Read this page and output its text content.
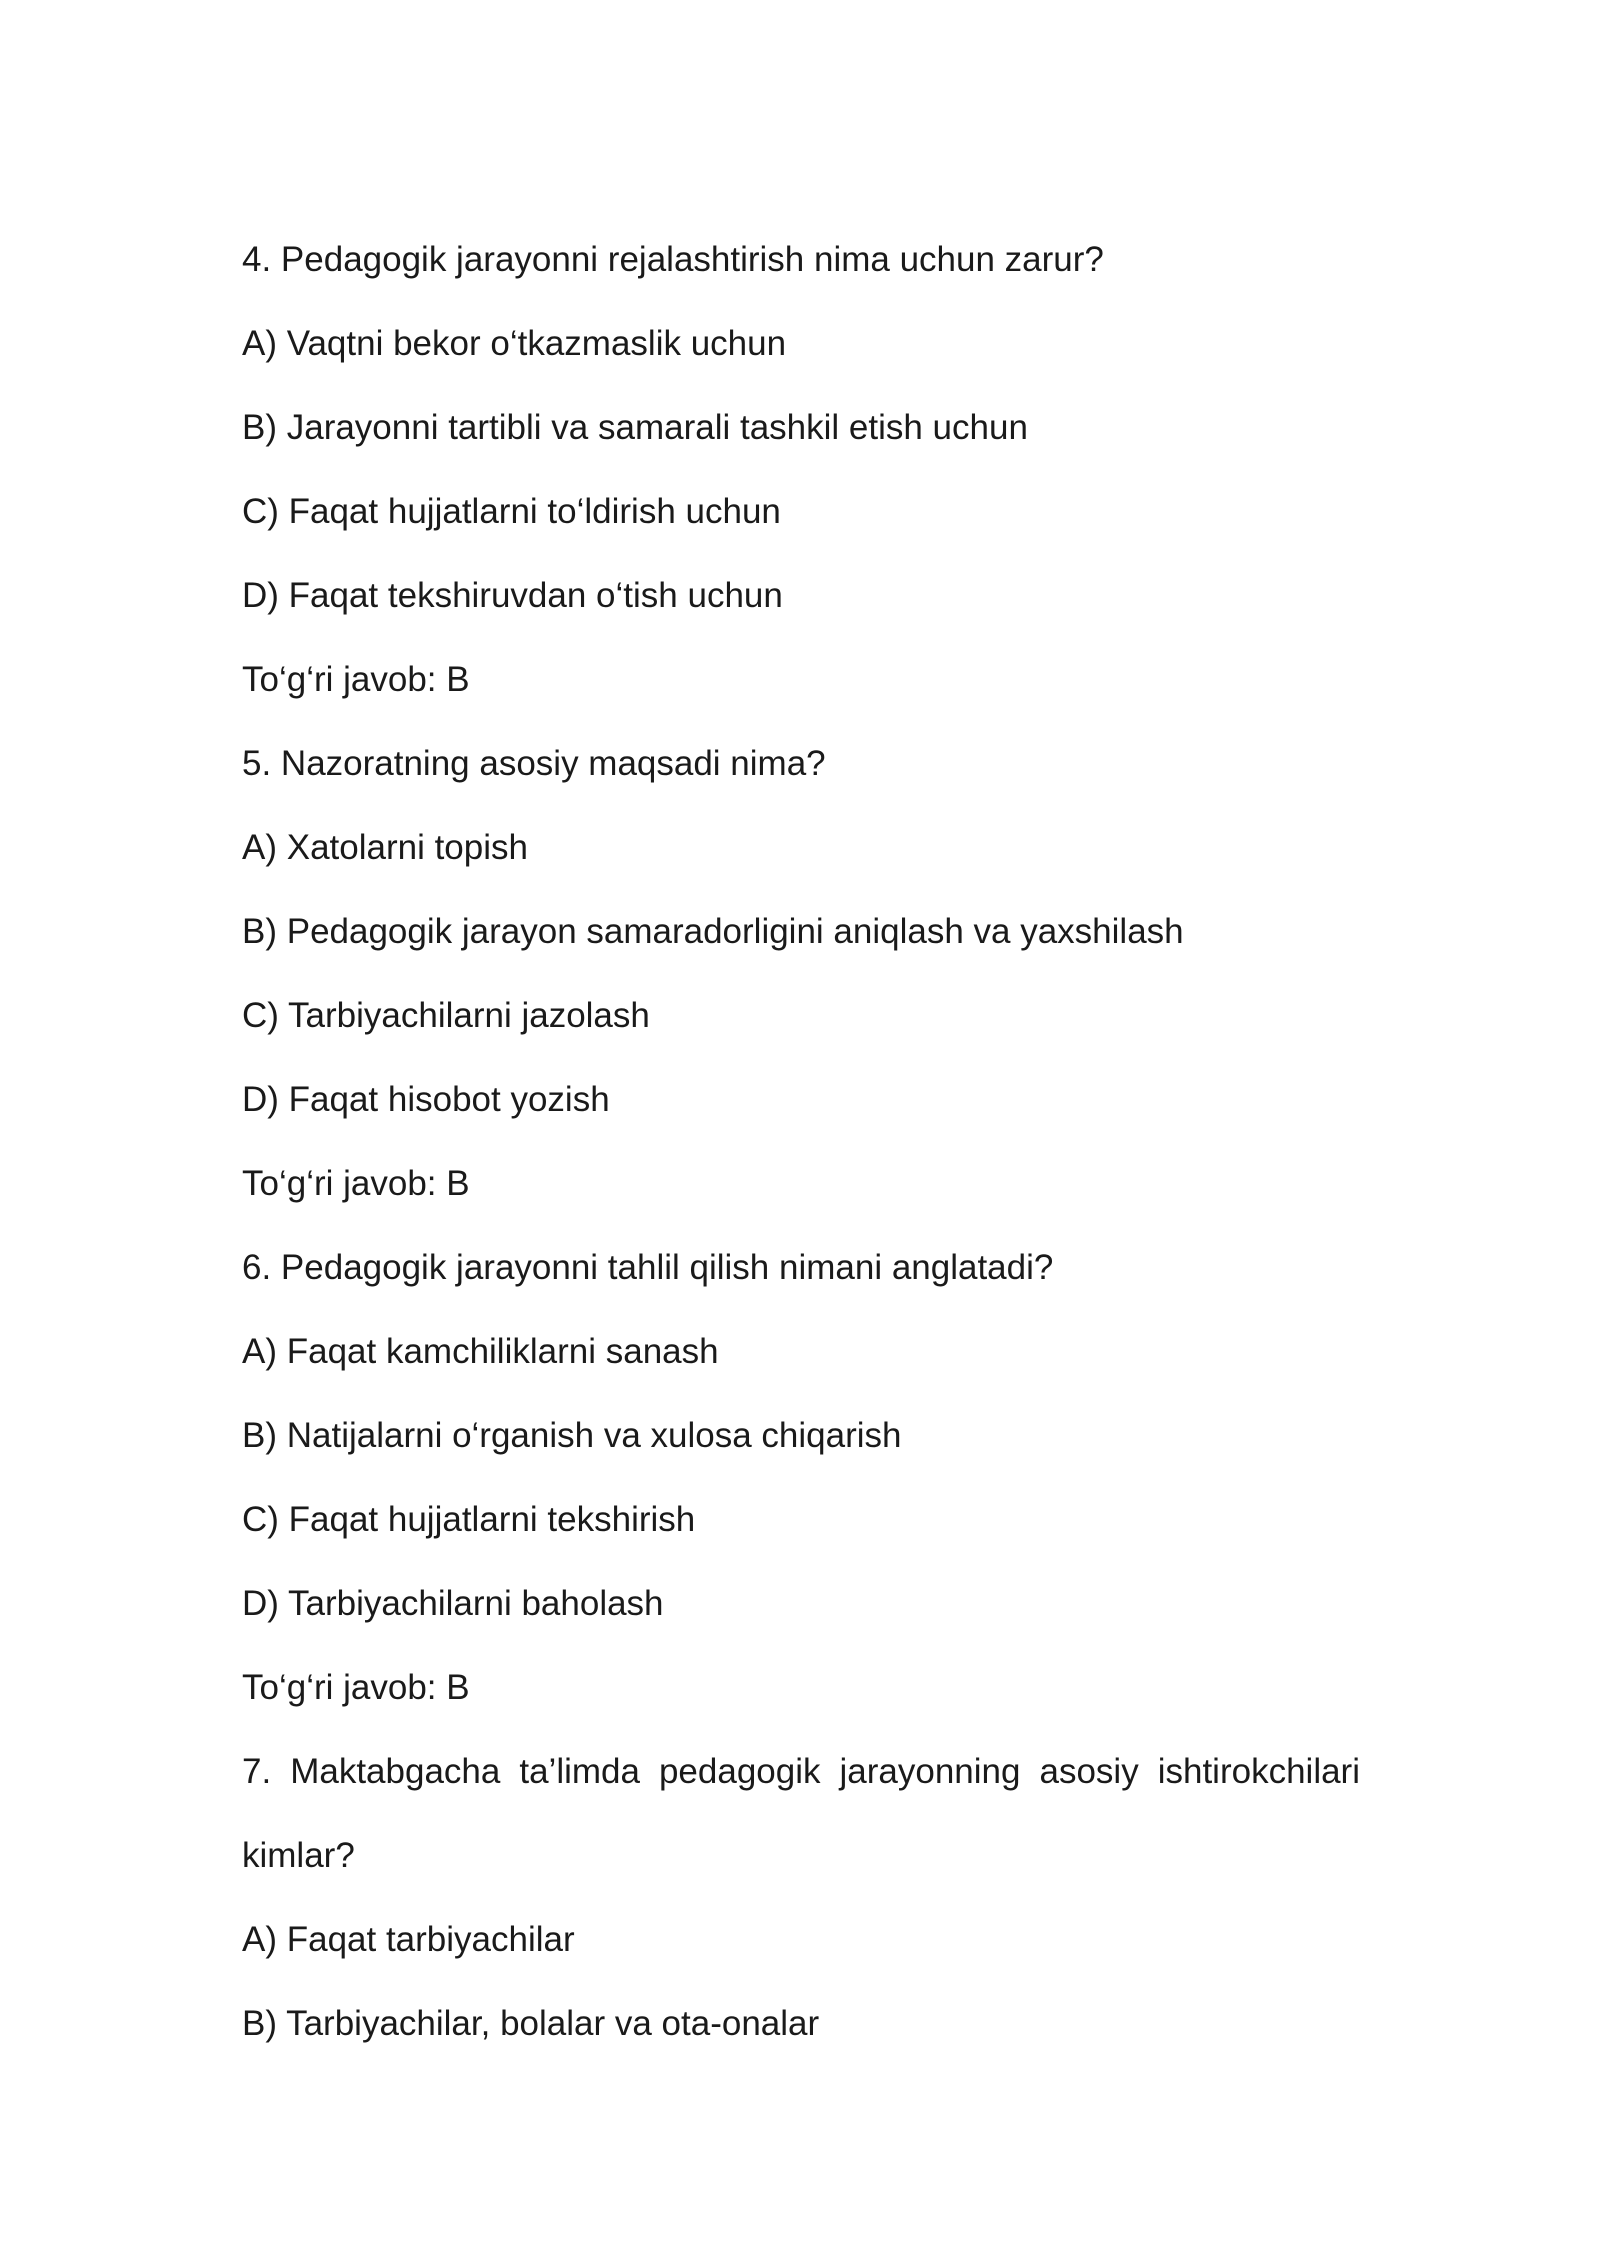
4. Pedagogik jarayonni rejalashtirish nima uchun zarur?
A) Vaqtni bekor o‘tkazmaslik uchun
B) Jarayonni tartibli va samarali tashkil etish uchun
C) Faqat hujjatlarni to‘ldirish uchun
D) Faqat tekshiruvdan o‘tish uchun
To‘g‘ri javob: B
5. Nazoratning asosiy maqsadi nima?
A) Xatolarni topish
B) Pedagogik jarayon samaradorligini aniqlash va yaxshilash
C) Tarbiyachilarni jazolash
D) Faqat hisobot yozish
To‘g‘ri javob: B
6. Pedagogik jarayonni tahlil qilish nimani anglatadi?
A) Faqat kamchiliklarni sanash
B) Natijalarni o‘rganish va xulosa chiqarish
C) Faqat hujjatlarni tekshirish
D) Tarbiyachilarni baholash
To‘g‘ri javob: B
7. Maktabgacha ta’limda pedagogik jarayonning asosiy ishtirokchilari
kimlar?
A) Faqat tarbiyachilar
B) Tarbiyachilar, bolalar va ota-onalar
